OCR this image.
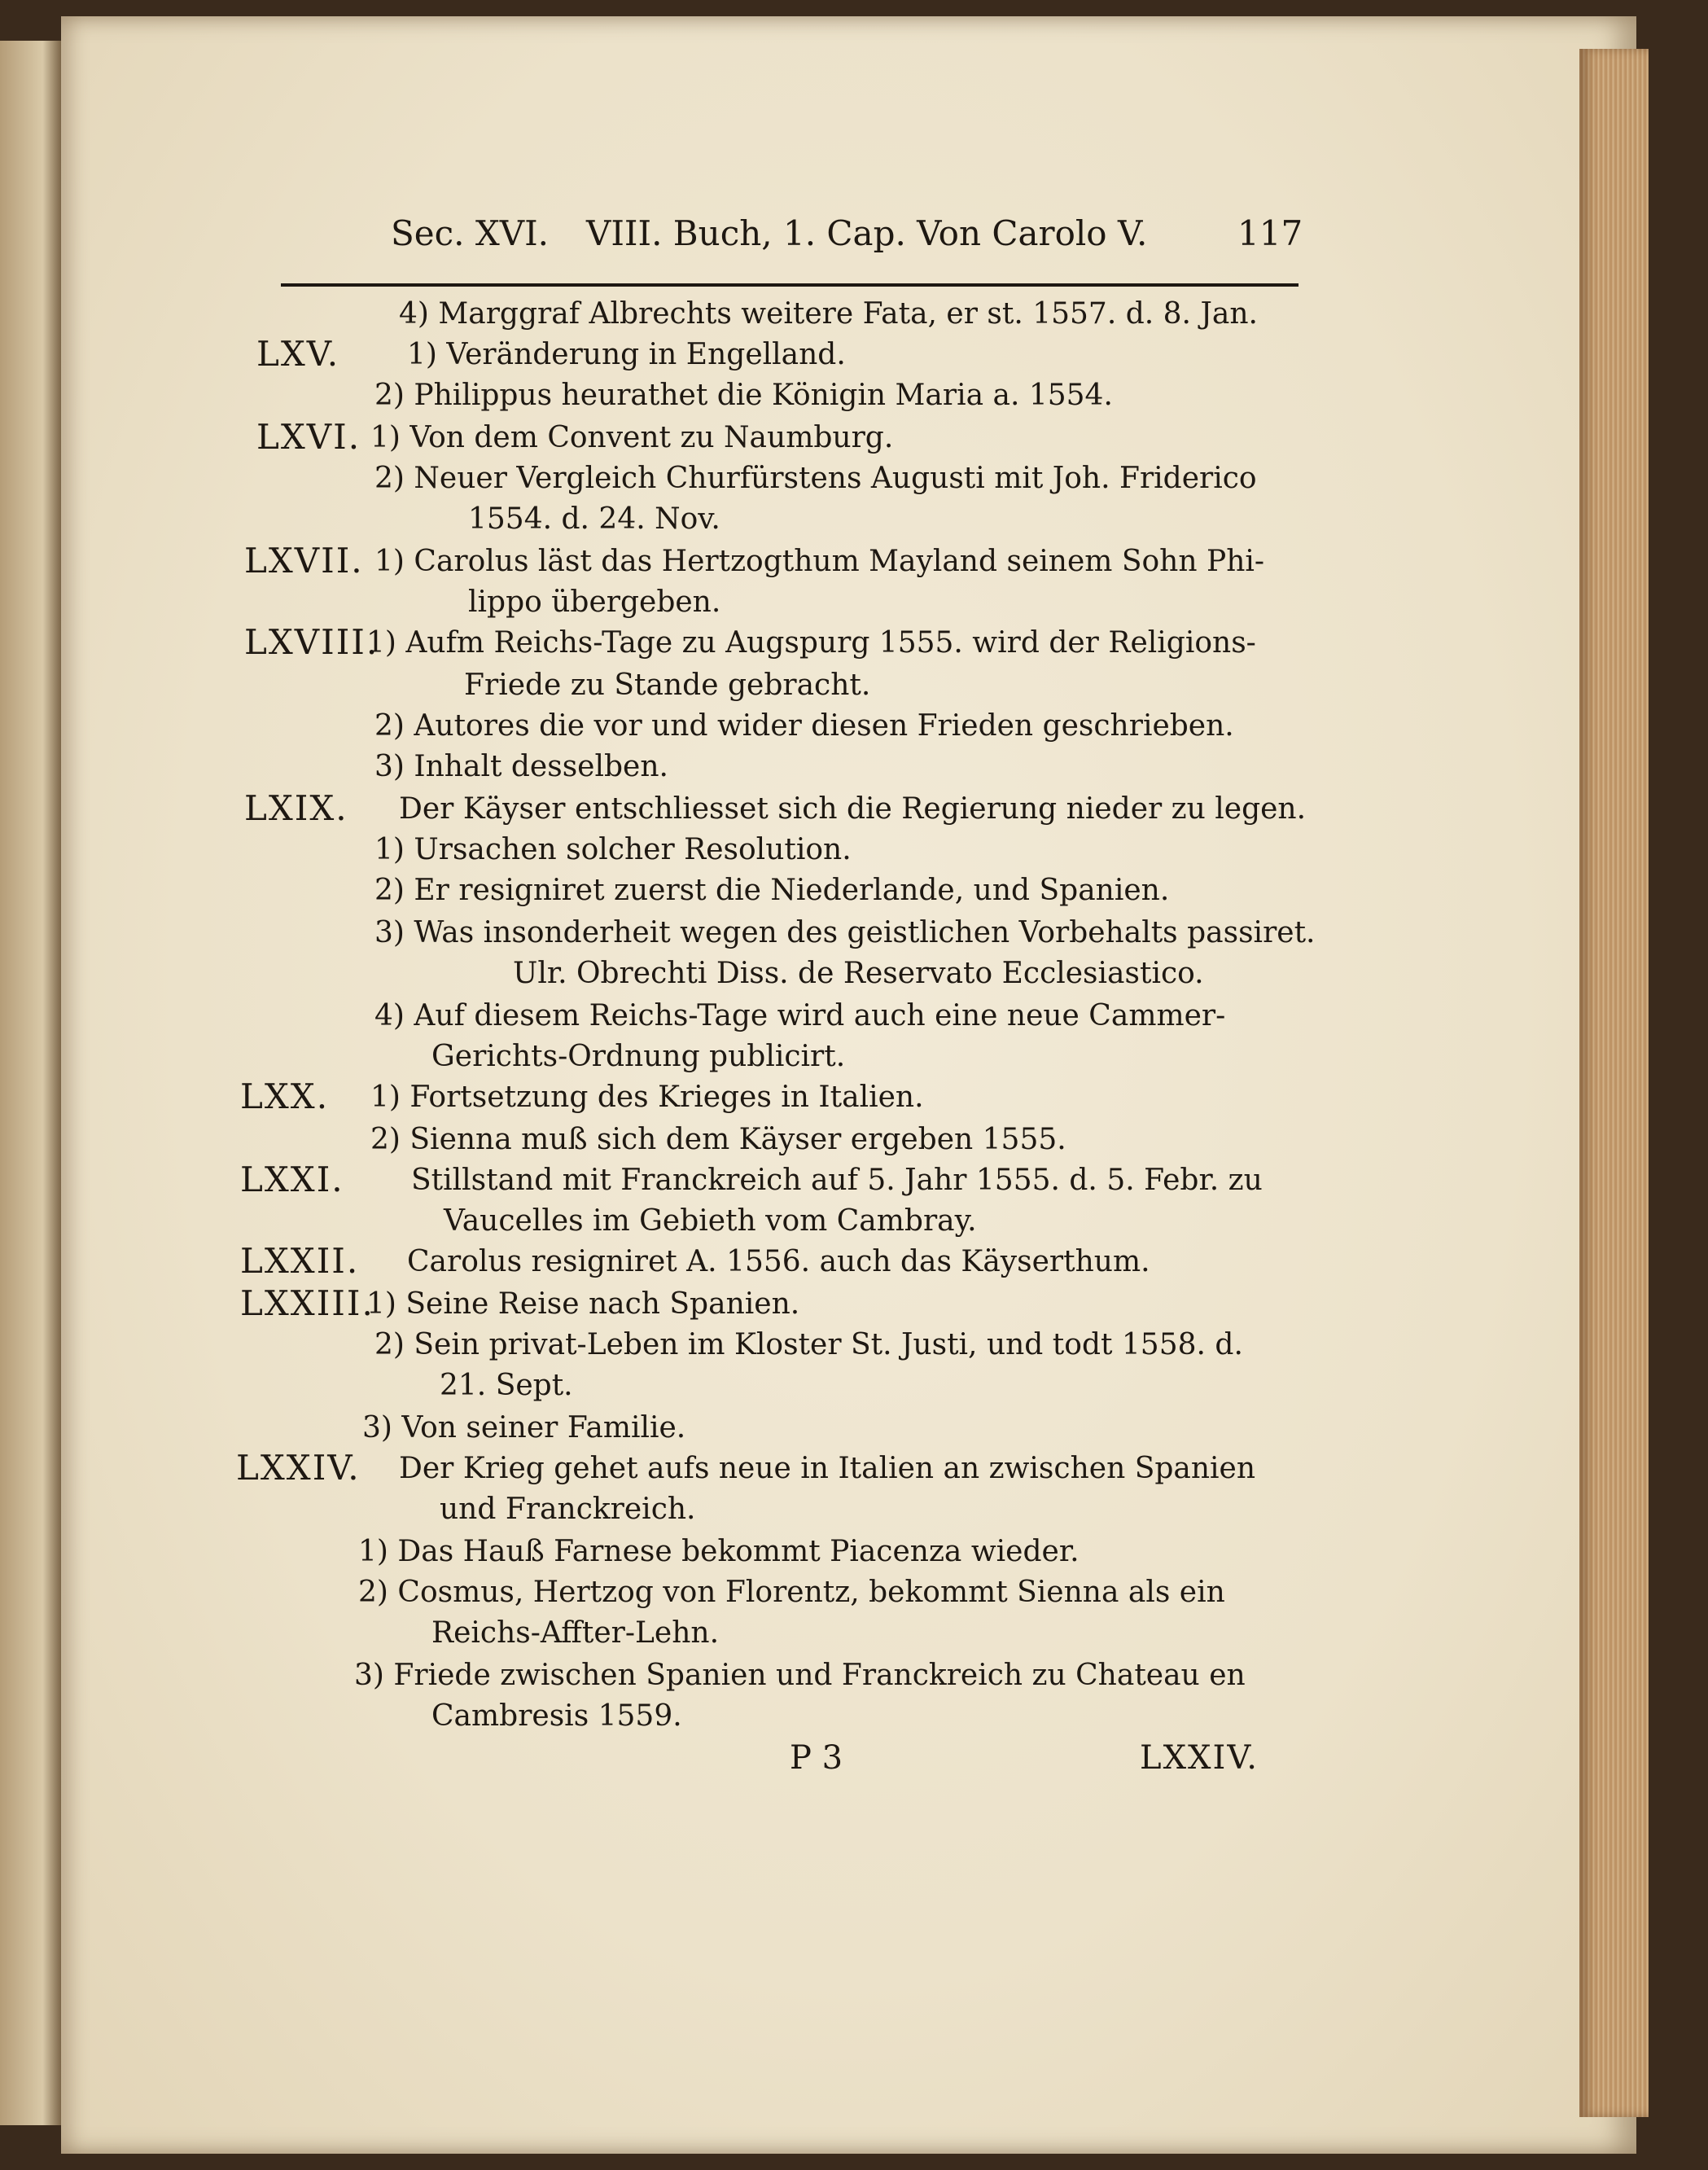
Sec. XVI. VIII. Buch, 1. Cap. Von Carolo V.	117
LXV.
LXVI.
LXVII.
LXVIII.
LXIX.
LXX.
LXXI.
LXXII.
LXXIII.
LXXIV.
4) Marggraf Albrechts weitere Fata, er st. 1557. d. 8. Jan.
1) Veränderung in Engelland.
2) Philippus heurathet die Königin Maria a. 1554.
1) Von dem Convent zu Naumburg.
2) Neuer Vergleich Churfürstens Augusti mit Joh. Friderico
1554. d. 24. Nov.
1) Carolus läst das Hertzogthum Mayland seinem Sohn Phi-
lippo übergeben.
1) Aufm Reichs-Tage zu Augspurg 1555. wird der Religions-
Friede zu Stande gebracht.
2) Autores die vor und wider diesen Frieden geschrieben.
3) Inhalt desselben.
Der Käyser entschliesset sich die Regierung nieder zu legen.
1) Ursachen solcher Resolution.
2) Er resigniret zuerst die Niederlande, und Spanien.
3) Was insonderheit wegen des geistlichen Vorbehalts passiret.
Ulr. Obrechti Diss. de Reservato Ecclesiastico.
4) Auf diesem Reichs-Tage wird auch eine neue Cammer-
Gerichts-Ordnung publicirt.
1) Fortsetzung des Krieges in Italien.
2) Sienna muß sich dem Käyser ergeben 1555.
Stillstand mit Franckreich auf 5. Jahr 1555. d. 5. Febr. zu
Vaucelles im Gebieth vom Cambray.
Carolus resigniret A. 1556. auch das Käyserthum.
1) Seine Reise nach Spanien.
2) Sein privat-Leben im Kloster St. Justi, und todt 1558. d.
21. Sept.
3) Von seiner Familie.
Der Krieg gehet aufs neue in Italien an zwischen Spanien
und Franckreich.
1) Das Hauß Farnese bekommt Piacenza wieder.
2) Cosmus, Hertzog von Florentz, bekommt Sienna als ein
Reichs-Affter-Lehn.
3) Friede zwischen Spanien und Franckreich zu Chateau en
Cambresis 1559.
P 3	LXXIV.
